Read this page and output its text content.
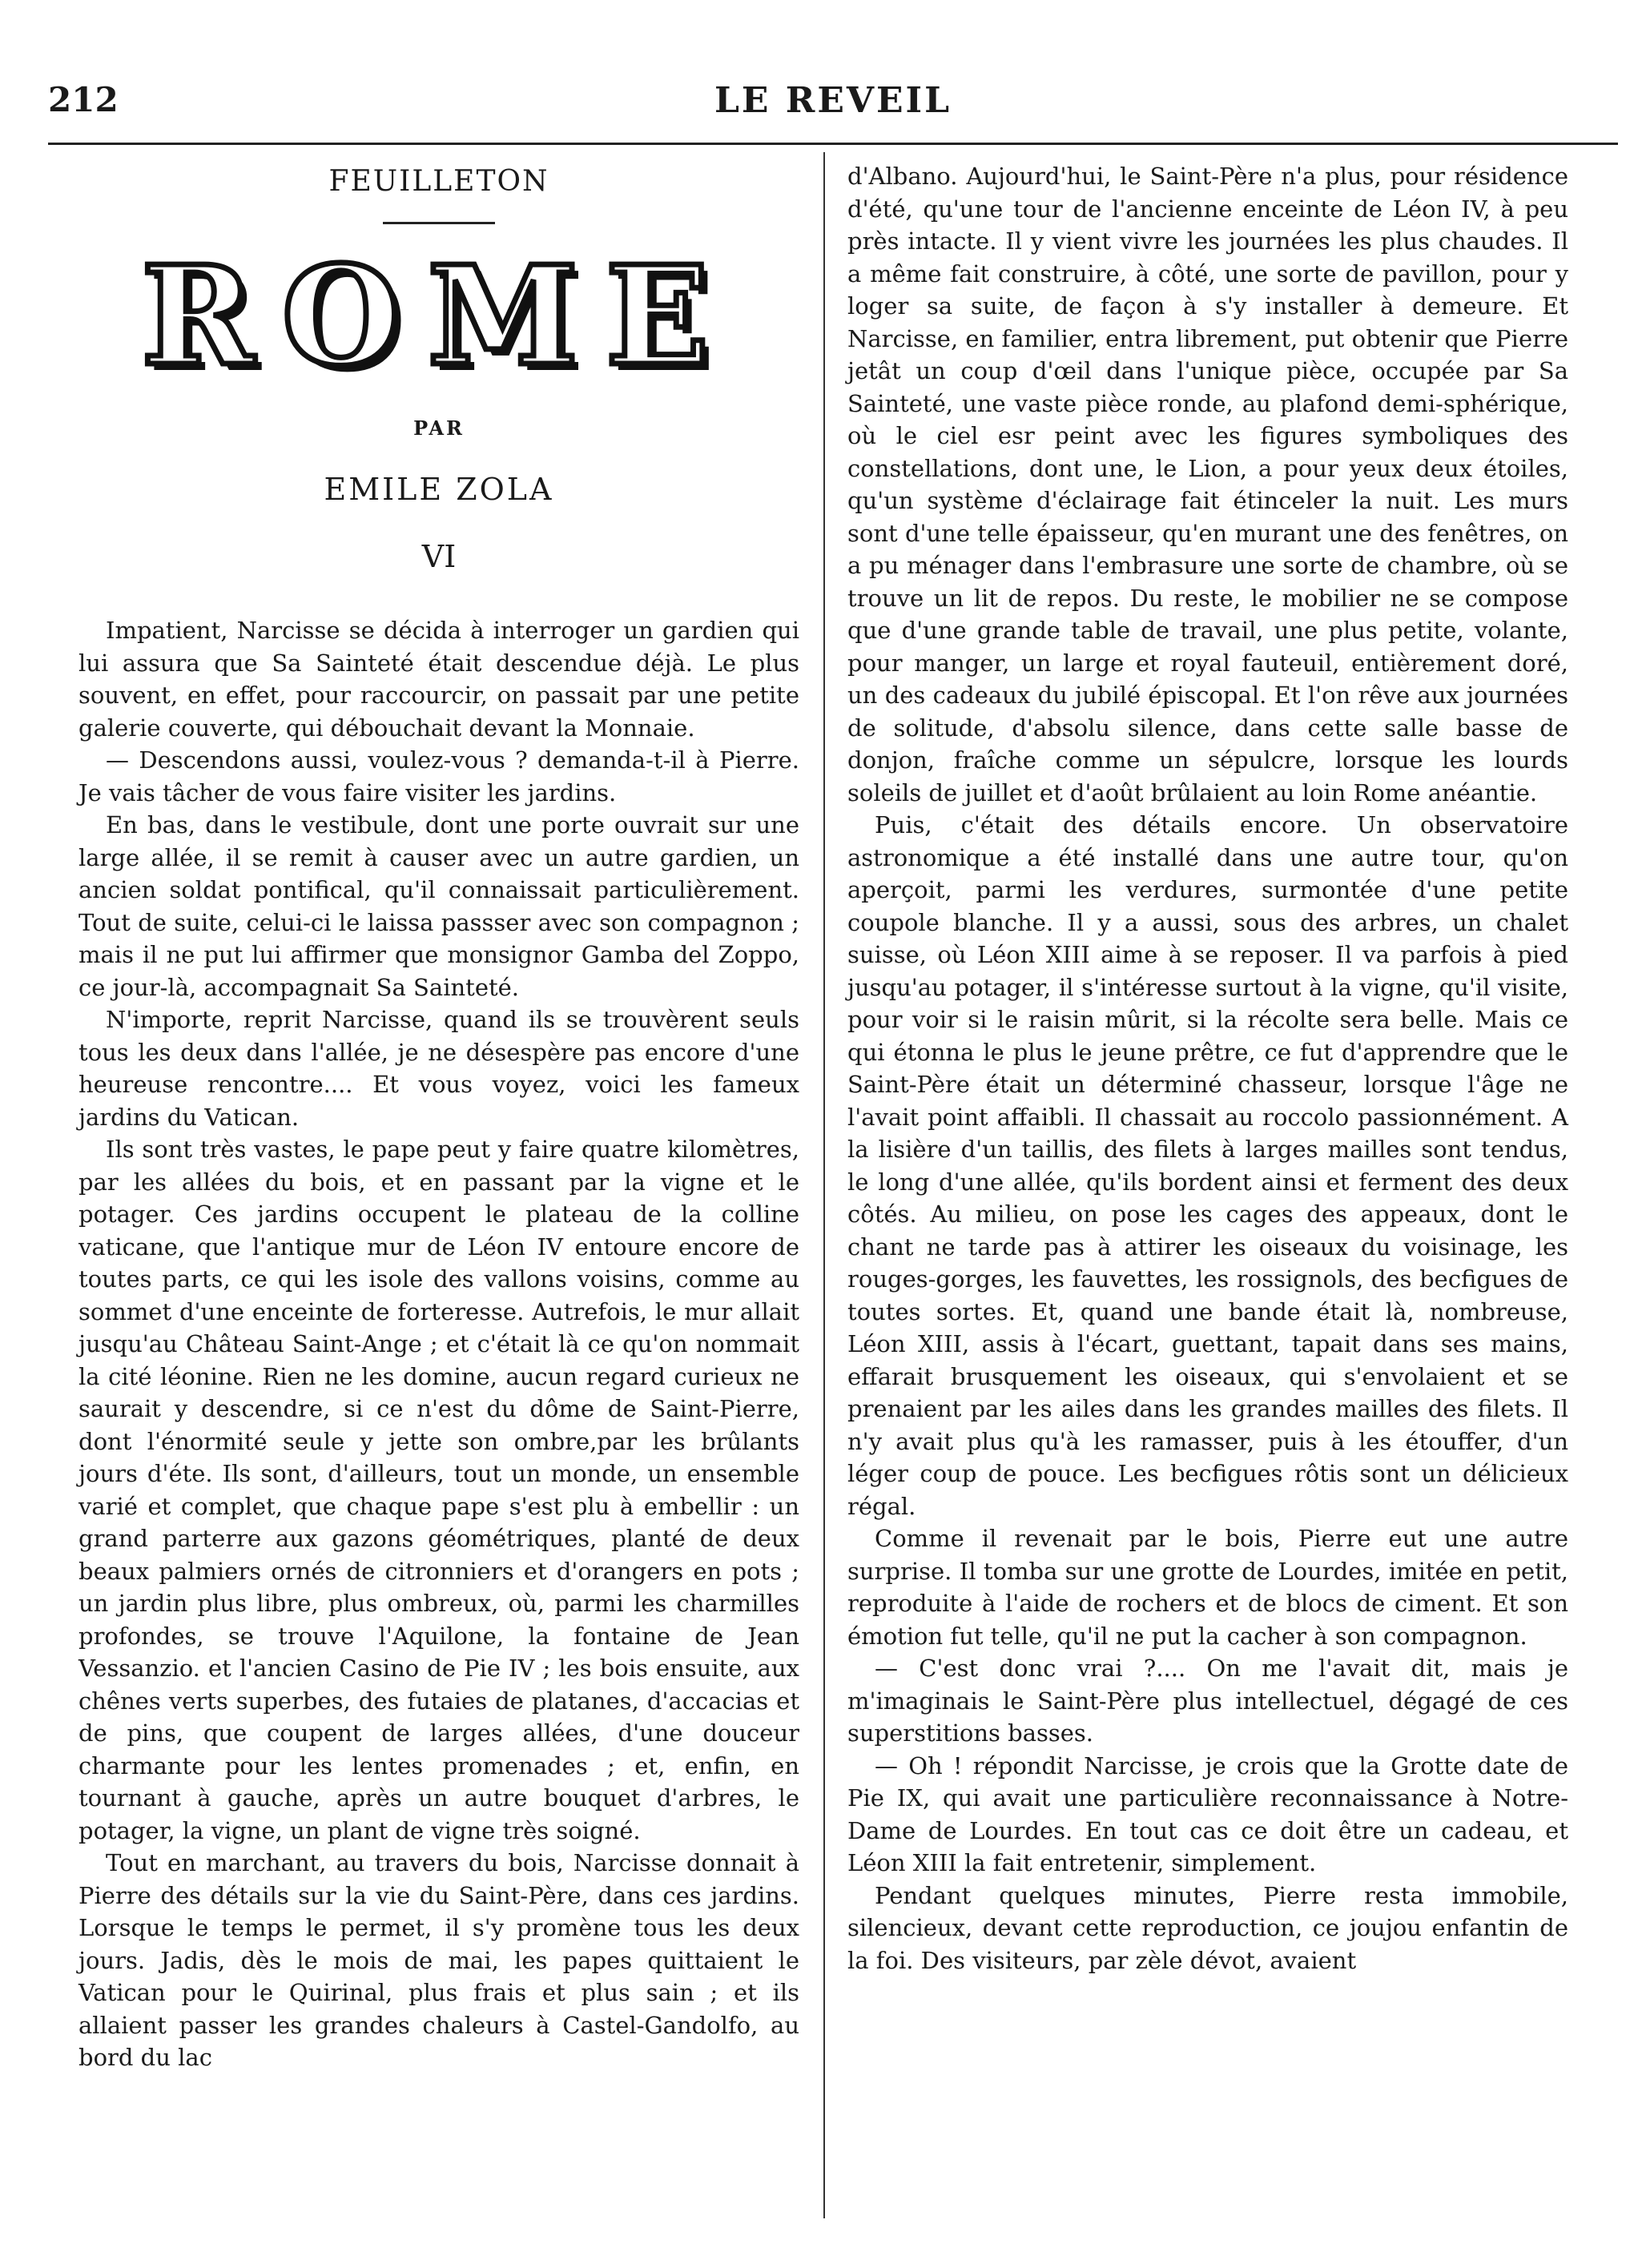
212	LE REVEIL
FEUILLETON
ROME
PAR
EMILE ZOLA
VI

Impatient, Narcisse se décida à interroger un gardien qui lui assura que Sa Sainteté était descendue déjà. Le plus souvent, en effet, pour raccourcir, on passait par une petite galerie couverte, qui débouchait devant la Monnaie.

— Descendons aussi, voulez-vous ? demanda-t-il à Pierre. Je vais tâcher de vous faire visiter les jardins.

En bas, dans le vestibule, dont une porte ouvrait sur une large allée, il se remit à causer avec un autre gardien, un ancien soldat pontifical, qu'il connaissait particulièrement. Tout de suite, celui-ci le laissa passser avec son compagnon ; mais il ne put lui affirmer que monsignor Gamba del Zoppo, ce jour-là, accompagnait Sa Sainteté.

N'importe, reprit Narcisse, quand ils se trouvèrent seuls tous les deux dans l'allée, je ne désespère pas encore d'une heureuse rencontre.... Et vous voyez, voici les fameux jardins du Vatican.

Ils sont très vastes, le pape peut y faire quatre kilomètres, par les allées du bois, et en passant par la vigne et le potager. Ces jardins occupent le plateau de la colline vaticane, que l'antique mur de Léon IV entoure encore de toutes parts, ce qui les isole des vallons voisins, comme au sommet d'une enceinte de forteresse. Autrefois, le mur allait jusqu'au Château Saint-Ange ; et c'était là ce qu'on nommait la cité léonine. Rien ne les domine, aucun regard curieux ne saurait y descendre, si ce n'est du dôme de Saint-Pierre, dont l'énormité seule y jette son ombre,par les brûlants jours d'éte. Ils sont, d'ailleurs, tout un monde, un ensemble varié et complet, que chaque pape s'est plu à embellir : un grand parterre aux gazons géométriques, planté de deux beaux palmiers ornés de citronniers et d'orangers en pots ; un jardin plus libre, plus ombreux, où, parmi les charmilles profondes, se trouve l'Aquilone, la fontaine de Jean Vessanzio. et l'ancien Casino de Pie IV ; les bois ensuite, aux chênes verts superbes, des futaies de platanes, d'accacias et de pins, que coupent de larges allées, d'une douceur charmante pour les lentes promenades ; et, enfin, en tournant à gauche, après un autre bouquet d'arbres, le potager, la vigne, un plant de vigne très soigné.

Tout en marchant, au travers du bois, Narcisse donnait à Pierre des détails sur la vie du Saint-Père, dans ces jardins. Lorsque le temps le permet, il s'y promène tous les deux jours. Jadis, dès le mois de mai, les papes quittaient le Vatican pour le Quirinal, plus frais et plus sain ; et ils allaient passer les grandes chaleurs à Castel-Gandolfo, au bord du lac

d'Albano. Aujourd'hui, le Saint-Père n'a plus, pour résidence d'été, qu'une tour de l'ancienne enceinte de Léon IV, à peu près intacte. Il y vient vivre les journées les plus chaudes. Il a même fait construire, à côté, une sorte de pavillon, pour y loger sa suite, de façon à s'y installer à demeure. Et Narcisse, en familier, entra librement, put obtenir que Pierre jetât un coup d'œil dans l'unique pièce, occupée par Sa Sainteté, une vaste pièce ronde, au plafond demi-sphérique, où le ciel esr peint avec les figures symboliques des constellations, dont une, le Lion, a pour yeux deux étoiles, qu'un système d'éclairage fait étinceler la nuit. Les murs sont d'une telle épaisseur, qu'en murant une des fenêtres, on a pu ménager dans l'embrasure une sorte de chambre, où se trouve un lit de repos. Du reste, le mobilier ne se compose que d'une grande table de travail, une plus petite, volante, pour manger, un large et royal fauteuil, entièrement doré, un des cadeaux du jubilé épiscopal. Et l'on rêve aux journées de solitude, d'absolu silence, dans cette salle basse de donjon, fraîche comme un sépulcre, lorsque les lourds soleils de juillet et d'août brûlaient au loin Rome anéantie.

Puis, c'était des détails encore. Un observatoire astronomique a été installé dans une autre tour, qu'on aperçoit, parmi les verdures, surmontée d'une petite coupole blanche. Il y a aussi, sous des arbres, un chalet suisse, où Léon XIII aime à se reposer. Il va parfois à pied jusqu'au potager, il s'intéresse surtout à la vigne, qu'il visite, pour voir si le raisin mûrit, si la récolte sera belle. Mais ce qui étonna le plus le jeune prêtre, ce fut d'apprendre que le Saint-Père était un déterminé chasseur, lorsque l'âge ne l'avait point affaibli. Il chassait au roccolo passionnément. A la lisière d'un taillis, des filets à larges mailles sont tendus, le long d'une allée, qu'ils bordent ainsi et ferment des deux côtés. Au milieu, on pose les cages des appeaux, dont le chant ne tarde pas à attirer les oiseaux du voisinage, les rouges-gorges, les fauvettes, les rossignols, des becfigues de toutes sortes. Et, quand une bande était là, nombreuse, Léon XIII, assis à l'écart, guettant, tapait dans ses mains, effarait brusquement les oiseaux, qui s'envolaient et se prenaient par les ailes dans les grandes mailles des filets. Il n'y avait plus qu'à les ramasser, puis à les étouffer, d'un léger coup de pouce. Les becfigues rôtis sont un délicieux régal.

Comme il revenait par le bois, Pierre eut une autre surprise. Il tomba sur une grotte de Lourdes, imitée en petit, reproduite à l'aide de rochers et de blocs de ciment. Et son émotion fut telle, qu'il ne put la cacher à son compagnon.

— C'est donc vrai ?.... On me l'avait dit, mais je m'imaginais le Saint-Père plus intellectuel, dégagé de ces superstitions basses.

— Oh ! répondit Narcisse, je crois que la Grotte date de Pie IX, qui avait une particulière reconnaissance à Notre-Dame de Lourdes. En tout cas ce doit être un cadeau, et Léon XIII la fait entretenir, simplement.

Pendant quelques minutes, Pierre resta immobile, silencieux, devant cette reproduction, ce joujou enfantin de la foi. Des visiteurs, par zèle dévot, avaient
